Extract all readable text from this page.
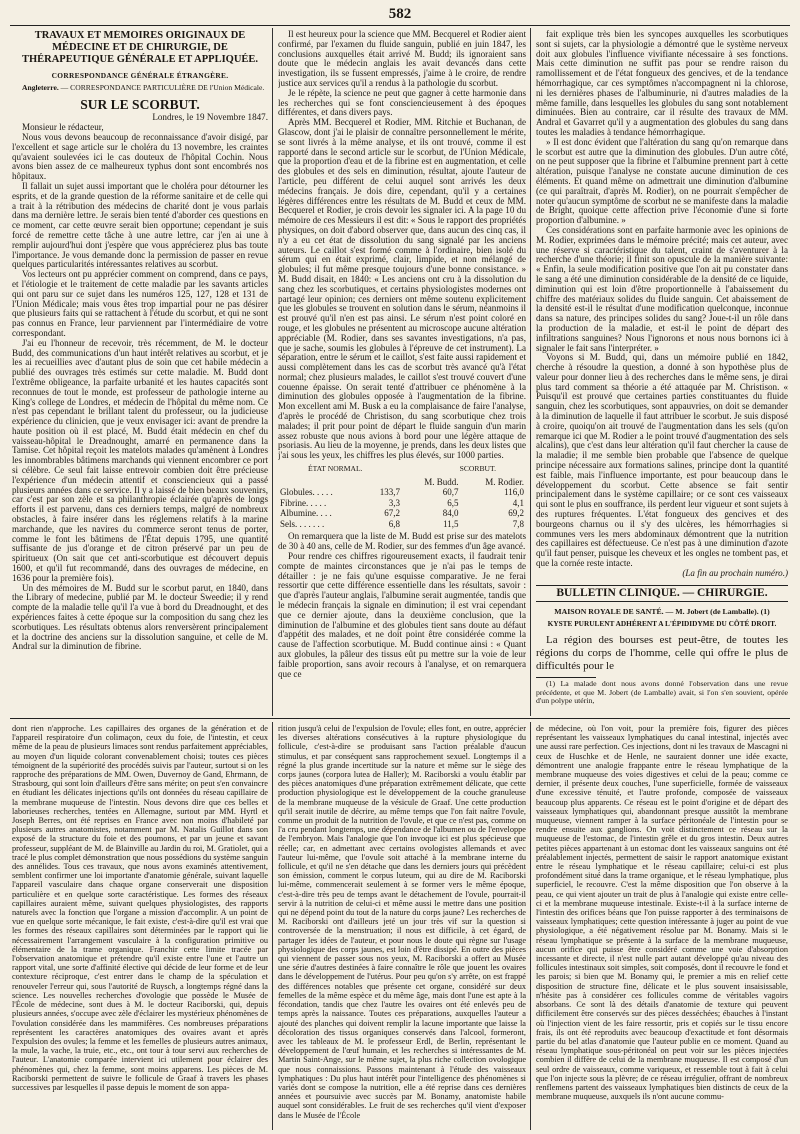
582
TRAVAUX ET MÉMOIRES ORIGINAUX DE MÉDECINE ET DE CHIRURGIE, DE THÉRAPEUTIQUE GÉNÉRALE ET APPLIQUÉE.
CORRESPONDANCE GÉNÉRALE ÉTRANGÈRE.

Angleterre. — CORRESPONDANCE PARTICULIÈRE DE l'Union Médicale.

SUR LE SCORBUT.

Londres, le 19 Novembre 1847.

Monsieur le rédacteur,

Nous vous devons beaucoup de reconnaissance d'avoir disigé, par l'excellent et sage article sur le choléra du 13 novembre, les craintes qu'avaient soulevées ici le cas douteux de l'hôpital Cochin. Nous avons bien assez de ce malheureux typhus dont sont encombrés nos hôpitaux.

Il fallait un sujet aussi important que le choléra pour détourner les esprits, et de la grande question de la réforme sanitaire et de celle qui a trait à la rétribution des médecins de charité dont je vous parlais dans ma dernière lettre. Je serais bien tenté d'aborder ces questions en ce moment, car cette œuvre serait bien opportune; cependant je suis forcé de remettre cette tâche à une autre lettre, car j'en ai une à remplir aujourd'hui dont j'espère que vous apprécierez plus bas toute l'importance. Je vous demande donc la permission de passer en revue quelques particularités intéressantes relatives au scorbut.

Vos lecteurs ont pu apprécier comment on comprend, dans ce pays, et l'étiologie et le traitement de cette maladie par les savants articles qui ont paru sur ce sujet dans les numéros 125, 127, 128 et 131 de l'Union Médicale; mais vous êtes trop impartial pour ne pas désirer que plusieurs faits qui se rattachent à l'étude du scorbut, et qui ne sont pas connus en France, leur parviennent par l'intermédiaire de votre correspondant.

J'ai eu l'honneur de recevoir, très récemment, de M. le docteur Budd, des communications d'un haut intérêt relatives au scorbut, et je les ai recueillies avec d'autant plus de soin que cet habile médecin a publié des ouvrages très estimés sur cette maladie. M. Budd dont l'extrême obligeance, la parfaite urbanité et les hautes capacités sont reconnues de tout le monde, est professeur de pathologie interne au King's college de Londres, et médecin de l'hôpital du même nom. Ce n'est pas cependant le brillant talent du professeur, ou la judicieuse expérience du clinicien, que je veux envisager ici: avant de prendre la haute position où il est placé, M. Budd était médecin en chef du vaisseau-hôpital le Dreadnought, amarré en permanence dans la Tamise. Cet hôpital reçoit les matelots malades qu'amènent à Londres les innombrables bâtimens marchands qui viennent encombrer ce port si célèbre. Ce seul fait laisse entrevoir combien doit être précieuse l'expérience d'un médecin attentif et consciencieux qui a passé plusieurs années dans ce service. Il y a laissé de bien beaux souvenirs, car c'est par son zèle et sa philanthropie éclairée qu'après de longs efforts il est parvenu, dans ces derniers temps, malgré de nombreux obstacles, à faire insérer dans les réglemens relatifs à la marine marchande, que les navires du commerce seront tenus de porter, comme le font les bâtimens de l'État depuis 1795, une quantité suffisante de jus d'orange et de citron préservé par un peu de spiritueux (On sait que cet anti-scorbutique est découvert depuis 1600, et qu'il fut recommandé, dans des ouvrages de médecine, en 1636 pour la première fois).

Un des mémoires de M. Budd sur le scorbut parut, en 1840, dans the Library of medecine, publié par M. le docteur Sweedie; il y rend compte de la maladie telle qu'il l'a vue à bord du Dreadnought, et des expériences faites à cette époque sur la composition du sang chez les scorbutiques. Les résultats obtenus alors renversèrent principalement et la doctrine des anciens sur la dissolution sanguine, et celle de M. Andral sur la diminution de fibrine.

Il est heureux pour la science que MM. Becquerel et Rodier aient confirmé, par l'examen du fluide sanguin, publié en juin 1847, les conclusions auxquelles était arrivé M. Budd; ils ignoraient sans doute que le médecin anglais les avait devancés dans cette investigation, ils se fussent empressés, j'aime à le croire, de rendre justice aux services qu'il a rendus à la pathologie du scorbut.

Je le répète, la science ne peut que gagner à cette harmonie dans les recherches qui se font consciencieusement à des époques différentes, et dans divers pays.

Après MM. Becquerel et Rodier, MM. Ritchie et Buchanan, de Glascow, dont j'ai le plaisir de connaître personnellement le mérite, se sont livrés à la même analyse, et ils ont trouvé, comme il est rapporté dans le second article sur le scorbut, de l'Union Médicale, que la proportion d'eau et de la fibrine est en augmentation, et celle des globules et des sels en diminution, résultat, ajoute l'auteur de l'article, peu différent de celui auquel sont arrivés les deux médecins français. Je dois dire, cependant, qu'il y a certaines légères différences entre les résultats de M. Budd et ceux de MM. Becquerel et Rodier, je crois devoir les signaler ici. A la page 10 du mémoire de ces Messieurs il est dit: « Sous le rapport des propriétés physiques, on doit d'abord observer que, dans aucun des cinq cas, il n'y a eu cet état de dissolution du sang signalé par les anciens auteurs. Le caillot s'est formé comme à l'ordinaire, bien isolé du sérum qui en était exprimé, clair, limpide, et non mélangé de globules; il fut même presque toujours d'une bonne consistance. » M. Budd disait, en 1840: « Les anciens ont cru à la dissolution du sang chez les scorbutiques, et certains physiologistes modernes ont partagé leur opinion; ces derniers ont même soutenu explicitement que les globules se trouvent en solution dans le sérum, néanmoins il est prouvé qu'il n'en est pas ainsi. Le sérum n'est point coloré en rouge, et les globules ne présentent au microscope aucune altération appréciable (M. Rodier, dans ses savantes investigations, n'a pas, que je sache, soumis les globules à l'épreuve de cet instrument). La séparation, entre le sérum et le caillot, s'est faite aussi rapidement et aussi complètement dans les cas de scorbut très avancé qu'à l'état normal; chez plusieurs malades, le caillot s'est trouvé couvert d'une couenne épaisse. On serait tenté d'attribuer ce phénomène à la diminution des globules opposée à l'augmentation de la fibrine. Mon excellent ami M. Busk a eu la complaisance de faire l'analyse, d'après le procédé de Christison, du sang scorbutique chez trois malades; il prit pour point de départ le fluide sanguin d'un marin assez robuste que nous avions à bord pour une légère attaque de psoriasis. Au lieu de la moyenne, je prends, dans les deux listes que j'ai sous les yeux, les chiffres les plus élevés, sur 1000 parties.

ÉTAT NORMAL.	SCORBUT.
		M. Budd.	M. Rodier.
Globules. . . . .	133,7	60,7	116,0
Fibrine. . . . .	3,3	6,5	4,1
Albumine. . . .	67,2	84,0	69,2
Sels. . . . . . .	6,8	11,5	7,8

On remarquera que la liste de M. Budd est prise sur des matelots de 30 à 40 ans, celle de M. Rodier, sur des femmes d'un âge avancé.

Pour rendre ces chiffres rigoureusement exacts, il faudrait tenir compte de maintes circonstances que je n'ai pas le temps de détailler : je ne fais qu'une esquisse comparative. Je ne ferai ressortir que cette différence essentielle dans les résultats, savoir : que d'après l'auteur anglais, l'albumine serait augmentée, tandis que le médecin français la signale en diminution; il est vrai cependant que ce dernier ajoute, dans la deuxième conclusion, que la diminution de l'albumine et des globules tient sans doute au défaut d'appétit des malades, et ne doit point être considérée comme la cause de l'affection scorbutique. M. Budd continue ainsi : « Quant aux globules, la pâleur des tissus eût pu mettre sur la voie de leur faible proportion, sans avoir recours à l'analyse, et on remarquera que ce

fait explique très bien les syncopes auxquelles les scorbutiques sont si sujets, car la physiologie a démontré que le système nerveux doit aux globules l'influence vivifiante nécessaire à ses fonctions. Mais cette diminution ne suffit pas pour se rendre raison du ramollissement et de l'état fongueux des gencives, et de la tendance hémorrhagique, car ces symptômes n'accompagnent ni la chlorose, ni les dernières phases de l'albuminurie, ni d'autres maladies de la même famille, dans lesquelles les globules du sang sont notablement diminuées. Bien au contraire, car il résulte des travaux de MM. Andral et Gavarret qu'il y a augmentation des globules du sang dans toutes les maladies à tendance hémorrhagique.

» Il est donc évident que l'altération du sang qu'on remarque dans le scorbut est autre que la diminution des globules. D'un autre côté, on ne peut supposer que la fibrine et l'albumine prennent part à cette altération, puisque l'analyse ne constate aucune diminution de ces éléments. Et quand même on admettrait une diminution d'albumine (ce qui paraîtrait, d'après M. Rodier), on ne pourrait s'empêcher de noter qu'aucun symptôme de scorbut ne se manifeste dans la maladie de Bright, quoique cette affection prive l'économie d'une si forte proportion d'albumine. »

Ces considérations sont en parfaite harmonie avec les opinions de M. Rodier, exprimées dans le mémoire précité; mais cet auteur, avec une réserve si caractéristique du talent, craint de s'aventurer à la recherche d'une théorie; il finit son opuscule de la manière suivante: « Enfin, la seule modification positive que l'on ait pu constater dans le sang a été une diminution considérable de la densité de ce liquide, diminution qui est loin d'être proportionnelle à l'abaissement du chiffre des matériaux solides du fluide sanguin. Cet abaissement de la densité est-il le résultat d'une modification quelconque, inconnue dans sa nature, des principes solides du sang? Joue-t-il un rôle dans la production de la maladie, et est-il le point de départ des infiltrations sanguines? Nous l'ignorons et nous nous bornons ici à signaler le fait sans l'interpréter. »

Voyons si M. Budd, qui, dans un mémoire publié en 1842, cherche à résoudre la question, a donné à son hypothèse plus de valeur pour donner lieu à des recherches dans le même sens, je dirai plus tard comment sa théorie a été attaquée par M. Christison. « Puisqu'il est prouvé que certaines parties constituantes du fluide sanguin, chez les scorbutiques, sont appauvries, on doit se demander à la diminution de laquelle il faut attribuer le scorbut. Je suis disposé à croire, quoiqu'on ait trouvé de l'augmentation dans les sels (qu'on remarque ici que M. Rodier a le point trouvé d'augmentation des sels alcalins), que c'est dans leur altération qu'il faut chercher la cause de la maladie; il me semble bien probable que l'absence de quelque principe nécessaire aux formations salines, principe dont la quantité est faible, mais l'influence importante, est pour beaucoup dans le développement du scorbut. Cette absence se fait sentir principalement dans le système capillaire; or ce sont ces vaisseaux qui sont le plus en souffrance, ils perdent leur vigueur et sont sujets à des ruptures fréquentes. L'état fongueux des gencives et des bourgeons charnus ou il s'y des ulcères, les hémorrhagies si communes vers les mers abdominaux démontrent que la nutrition des capillaires est défectueuse. Ce n'est pas à une diminution d'azote qu'il faut penser, puisque les cheveux et les ongles ne tombent pas, et que la cornée reste intacte.

(La fin au prochain numéro.)

BULLETIN CLINIQUE. — CHIRURGIE.
MAISON ROYALE DE SANTÉ. — M. Jobert (de Lamballe). (1)
KYSTE PURULENT ADHÉRENT A L'ÉPIDIDYME DU CÔTÉ DROIT.

La région des bourses est peut-être, de toutes les régions du corps de l'homme, celle qui offre le plus de difficultés pour le

(1) La malade dont nous avons donné l'observation dans une revue précédente, et que M. Jobert (de Lamballe) avait, si l'on s'en souvient, opérée d'un polype utérin,

dont rien n'approche. Les capillaires des organes de la génération et de l'appareil respiratoire d'un colimaçon, ceux du foie, de l'intestin, et ceux même de la peau de plusieurs limaces sont rendus parfaitement appréciables, au moyen d'un liquide colorant convenablement choisi; toutes ces pièces témoignent de la supériorité des procédés suivis par l'auteur, surtout si on les rapproche des préparations de MM. Owen, Duvernoy de Gand, Ehrmann, de Strasbourg, qui sont loin d'ailleurs d'être sans mérite; on peut s'en convaincre en étudiant les délicates injections qu'ils ont données du réseau capillaire de la membrane muqueuse de l'intestin. Nous devons dire que ces belles et laborieuses recherches, tentées en Allemagne, surtout par MM. Hyrtl et Joseph Berres, ont été reprises en France avec non moins d'habileté par plusieurs autres anatomistes, notamment par M. Natalis Guillot dans son exposé de la structure du foie et des poumons, et par un jeune et savant professeur, suppléant de M. de Blainville au Jardin du roi, M. Gratiolet, qui a tracé le plus complet démonstration que nous possédions du système sanguin des annélides. Tous ces travaux, que nous avons examinés attentivement, semblent confirmer une loi importante d'anatomie générale, suivant laquelle l'appareil vasculaire dans chaque organe conserverait une disposition particulière et en quelque sorte caractéristique. Les formes des réseaux capillaires auraient même, suivant quelques physiologistes, des rapports naturels avec la fonction que l'organe a mission d'accomplir. A un point de vue en quelque sorte mécanique, le fait existe, c'est-à-dire qu'il est vrai que les formes des réseaux capillaires sont déterminées par le rapport qui lie nécessairement l'arrangement vasculaire à la configuration primitive ou élémentaire de la trame organique. Franchir cette limite tracée par l'observation anatomique et prétendre qu'il existe entre l'une et l'autre un rapport vital, une sorte d'affinité élective qui décide de leur forme et de leur contexture réciproque, c'est entrer dans le champ de la spéculation et renouveler l'erreur qui, sous l'autorité de Ruysch, a longtemps régné dans la science. Les nouvelles recherches d'ovologie que possède le Musée de l'École de médecine, sont dues à M. le docteur Raciborski, qui, depuis plusieurs années, s'occupe avec zèle d'éclairer les mystérieux phénomènes de l'ovulation considérée dans les mammifères. Ces nombreuses préparations représentent les caractères anatomiques des ovaires avant et après l'expulsion des ovules; la femme et les femelles de plusieurs autres animaux, la mule, la vache, la truie, etc., etc., ont tour à tour servi aux recherches de l'auteur. L'anatomie comparée intervient ici utilement pour éclairer des phénomènes qui, chez la femme, sont moins apparens. Les pièces de M. Raciborski permettent de suivre le follicule de Graaf à travers les phases successives par lesquelles il passe depuis le moment de son appa-

rition jusqu'à celui de l'expulsion de l'ovule; elles font, en outre, apprécier les diverses altérations consécutives à la rupture physiologique du follicule, c'est-à-dire se produisant sans l'action préalable d'aucun stimulus, et par conséquent sans rapprochement sexuel. Longtemps il a régné la plus grande incertitude sur la nature et même sur le siège des corps jaunes (corpora lutea de Haller); M. Raciborski a voulu établir par des pièces anatomiques d'une préparation extrêmement délicate, que cette production physiologique est le développement de la couche granuleuse de la membrane muqueuse de la vésicule de Graaf. Une cette production qu'il serait inutile de décrire, au même temps que l'on fait naître l'ovule, comme un produit de la nutrition de l'ovule, et que ce n'est pas, comme on l'a cru pendant longtemps, une dépendance de l'albumen ou de l'enveloppe de l'embryon. Mais l'analogie que l'on invoque ici est plus spécieuse que réelle; car, en admettant avec certains ovologistes allemands et avec l'auteur lui-même, que l'ovule soit attaché à la membrane interne du follicule, et qu'il ne s'en détache que dans les derniers jours qui précèdent son émission, comment le corpus luteum, qui au dire de M. Raciborski lui-même, commencerait seulement à se former vers le même époque, c'est-à-dire très peu de temps avant le détachement de l'ovule, pourrait-il servir à la nutrition de celui-ci et même aussi le mettre dans une position qui ne dépend point du tout de la nature du corps jaune? Les recherches de M. Raciborski ont d'ailleurs jeté un jour très vif sur la question si controversée de la menstruation; il nous est difficile, à cet égard, de partager les idées de l'auteur, et pour nous le doute qui règne sur l'usage physiologique des corps jaunes, est loin d'être dissipé. En outre des pièces qui viennent de passer sous nos yeux, M. Raciborski a offert au Musée une série d'autres destinées à faire connaître le rôle que jouent les ovaires dans le développement de l'utérus. Pour peu qu'on s'y arrête, on est frappé des différences notables que présente cet organe, considéré sur deux femelles de la même espèce et du même âge, mais dont l'une est apte à la fécondation, tandis que chez l'autre les ovaires ont été enlevés peu de temps après la naissance. Toutes ces préparations, auxquelles l'auteur a ajouté des planches qui doivent remplir la lacune importante que laisse la décoloration des tissus organiques conservés dans l'alcool, formeront, avec les tableaux de M. le professeur Erdl, de Berlin, représentant le développement de l'œuf humain, et les recherches si intéressantes de M. Martin Saint-Ange, sur le même sujet, la plus riche collection ovologique que nous connaissions. Passons maintenant à l'étude des vaisseaux lymphatiques : Du plus haut intérêt pour l'intelligence des phénomènes si variés dont se compose la nutrition, elle a été reprise dans ces dernières années et poursuivie avec succès par M. Bonamy, anatomiste habile auquel sont considérables. Le fruit de ses recherches qu'il vient d'exposer dans le Musée de l'École

de médecine, où l'on voit, pour la première fois, figurer des pièces représentant les vaisseaux lymphatiques du canal intestinal, injectés avec une aussi rare perfection. Ces injections, dont ni les travaux de Mascagni ni ceux de Huschke et de Henle, ne sauraient donner une idée exacte, démontrent une analogie frappante entre le réseau lymphatique de la membrane muqueuse des voies digestives et celui de la peau; comme ce dernier, il présente deux couches, l'une superficielle, formée de vaisseaux d'une excessive ténuité, et l'autre profonde, composée de vaisseaux beaucoup plus apparents. Ce réseau est le point d'origine et de départ des vaisseaux lymphatiques qui, abandonnant presque aussitôt la membrane muqueuse, viennent ramper à la surface péritonéale de l'intestin pour se rendre ensuite aux ganglions. On voit distinctement ce réseau sur la muqueuse de l'estomac, de l'intestin grêle et du gros intestin. Deux autres petites pièces appartenant à un estomac dont les vaisseaux sanguins ont été préalablement injectés, permettent de saisir le rapport anatomique existant entre le réseau lymphatique et le réseau capillaire; celui-ci est plus profondément situé dans la trame organique, et le réseau lymphatique, plus superficiel, le recouvre. C'est la même disposition que l'on observe à la peau, ce qui vient ajouter un trait de plus à l'analogie qui existe entre celle-ci et la membrane muqueuse intestinale. Existe-t-il à la surface interne de l'intestin des orifices béans que l'on puisse rapporter à des terminaisons de vaisseaux lymphatiques; cette question intéressante à juger au point de vue physiologique, a été négativement résolue par M. Bonamy. Mais si le réseau lymphatique se présente à la surface de la membrane muqueuse, aucun orifice qui puisse être considéré comme une voie d'absorption incessante et directe, il n'est nulle part autant développé qu'au niveau des follicules intestinaux soit simples, soit composés, dont il recouvre le fond et les parois; si bien que M. Bonamy qui, le premier a mis en relief cette disposition de structure fine, délicate et le plus souvent insaisissable, n'hésite pas à considérer ces follicules comme de véritables vagoirs absorbans. Ce sont là des détails d'anatomie de texture qui peuvent difficilement être conservés sur des pièces desséchées; ébauches à l'instant où l'injection vient de les faire ressortir, pris et copiés sur le tissu encore frais, ils ont été reproduits avec beaucoup d'exactitude et font désormais partie du bel atlas d'anatomie que l'auteur publie en ce moment. Quand au réseau lymphatique sous-péritonéal on peut voir sur les pièces injectées combien il diffère de celui de la membrane muqueuse. Il est composé d'un seul ordre de vaisseaux, comme variqueux, et ressemble tout à fait à celui que l'on injecte sous la plèvre; de ce réseau irrégulier, offrant de nombreux renflemens partent des vaisseaux lymphatiques bien distincts de ceux de la membrane muqueuse, auxquels ils n'ont aucune commu-
